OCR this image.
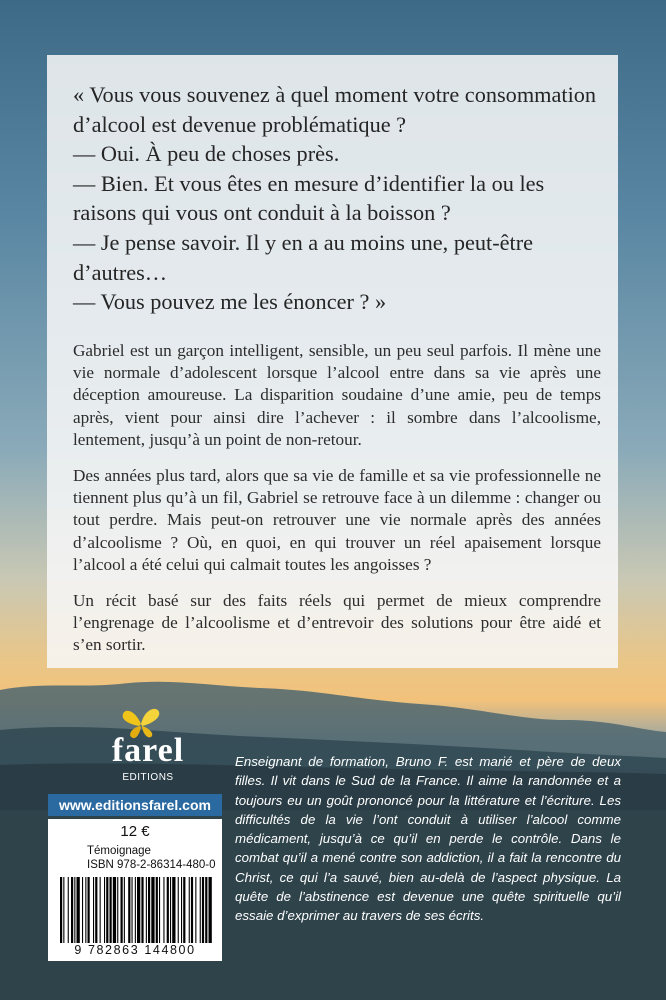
« Vous vous souvenez à quel moment votre consommation
d’alcool est devenue problématique ?
— Oui. À peu de choses près.
— Bien. Et vous êtes en mesure d’identifier la ou les
raisons qui vous ont conduit à la boisson ?
— Je pense savoir. Il y en a au moins une, peut-être
d’autres…
— Vous pouvez me les énoncer ? »

Gabriel est un garçon intelligent, sensible, un peu seul parfois. Il mène une vie normale d’adolescent lorsque l’alcool entre dans sa vie après une déception amoureuse. La disparition soudaine d’une amie, peu de temps après, vient pour ainsi dire l’achever : il sombre dans l’alcoolisme, lentement, jusqu’à un point de non-retour.

Des années plus tard, alors que sa vie de famille et sa vie professionnelle ne tiennent plus qu’à un fil, Gabriel se retrouve face à un dilemme : changer ou tout perdre. Mais peut-on retrouver une vie normale après des années d’alcoolisme ? Où, en quoi, en qui trouver un réel apaisement lorsque l’alcool a été celui qui calmait toutes les angoisses ?

Un récit basé sur des faits réels qui permet de mieux comprendre l’engrenage de l’alcoolisme et d’entrevoir des solutions pour être aidé et s’en sortir.

farel
EDITIONS
www.editionsfarel.com
12 €
Témoignage
ISBN 978-2-86314-480-0
9 782863 144800

Enseignant de formation, Bruno F. est marié et père de deux filles. Il vit dans le Sud de la France. Il aime la randonnée et a toujours eu un goût prononcé pour la littérature et l’écriture. Les difficultés de la vie l’ont conduit à utiliser l’alcool comme médicament, jusqu’à ce qu’il en perde le contrôle. Dans le combat qu’il a mené contre son addiction, il a fait la rencontre du Christ, ce qui l’a sauvé, bien au-delà de l’aspect physique. La quête de l’abstinence est devenue une quête spirituelle qu’il essaie d’exprimer au travers de ses écrits.
